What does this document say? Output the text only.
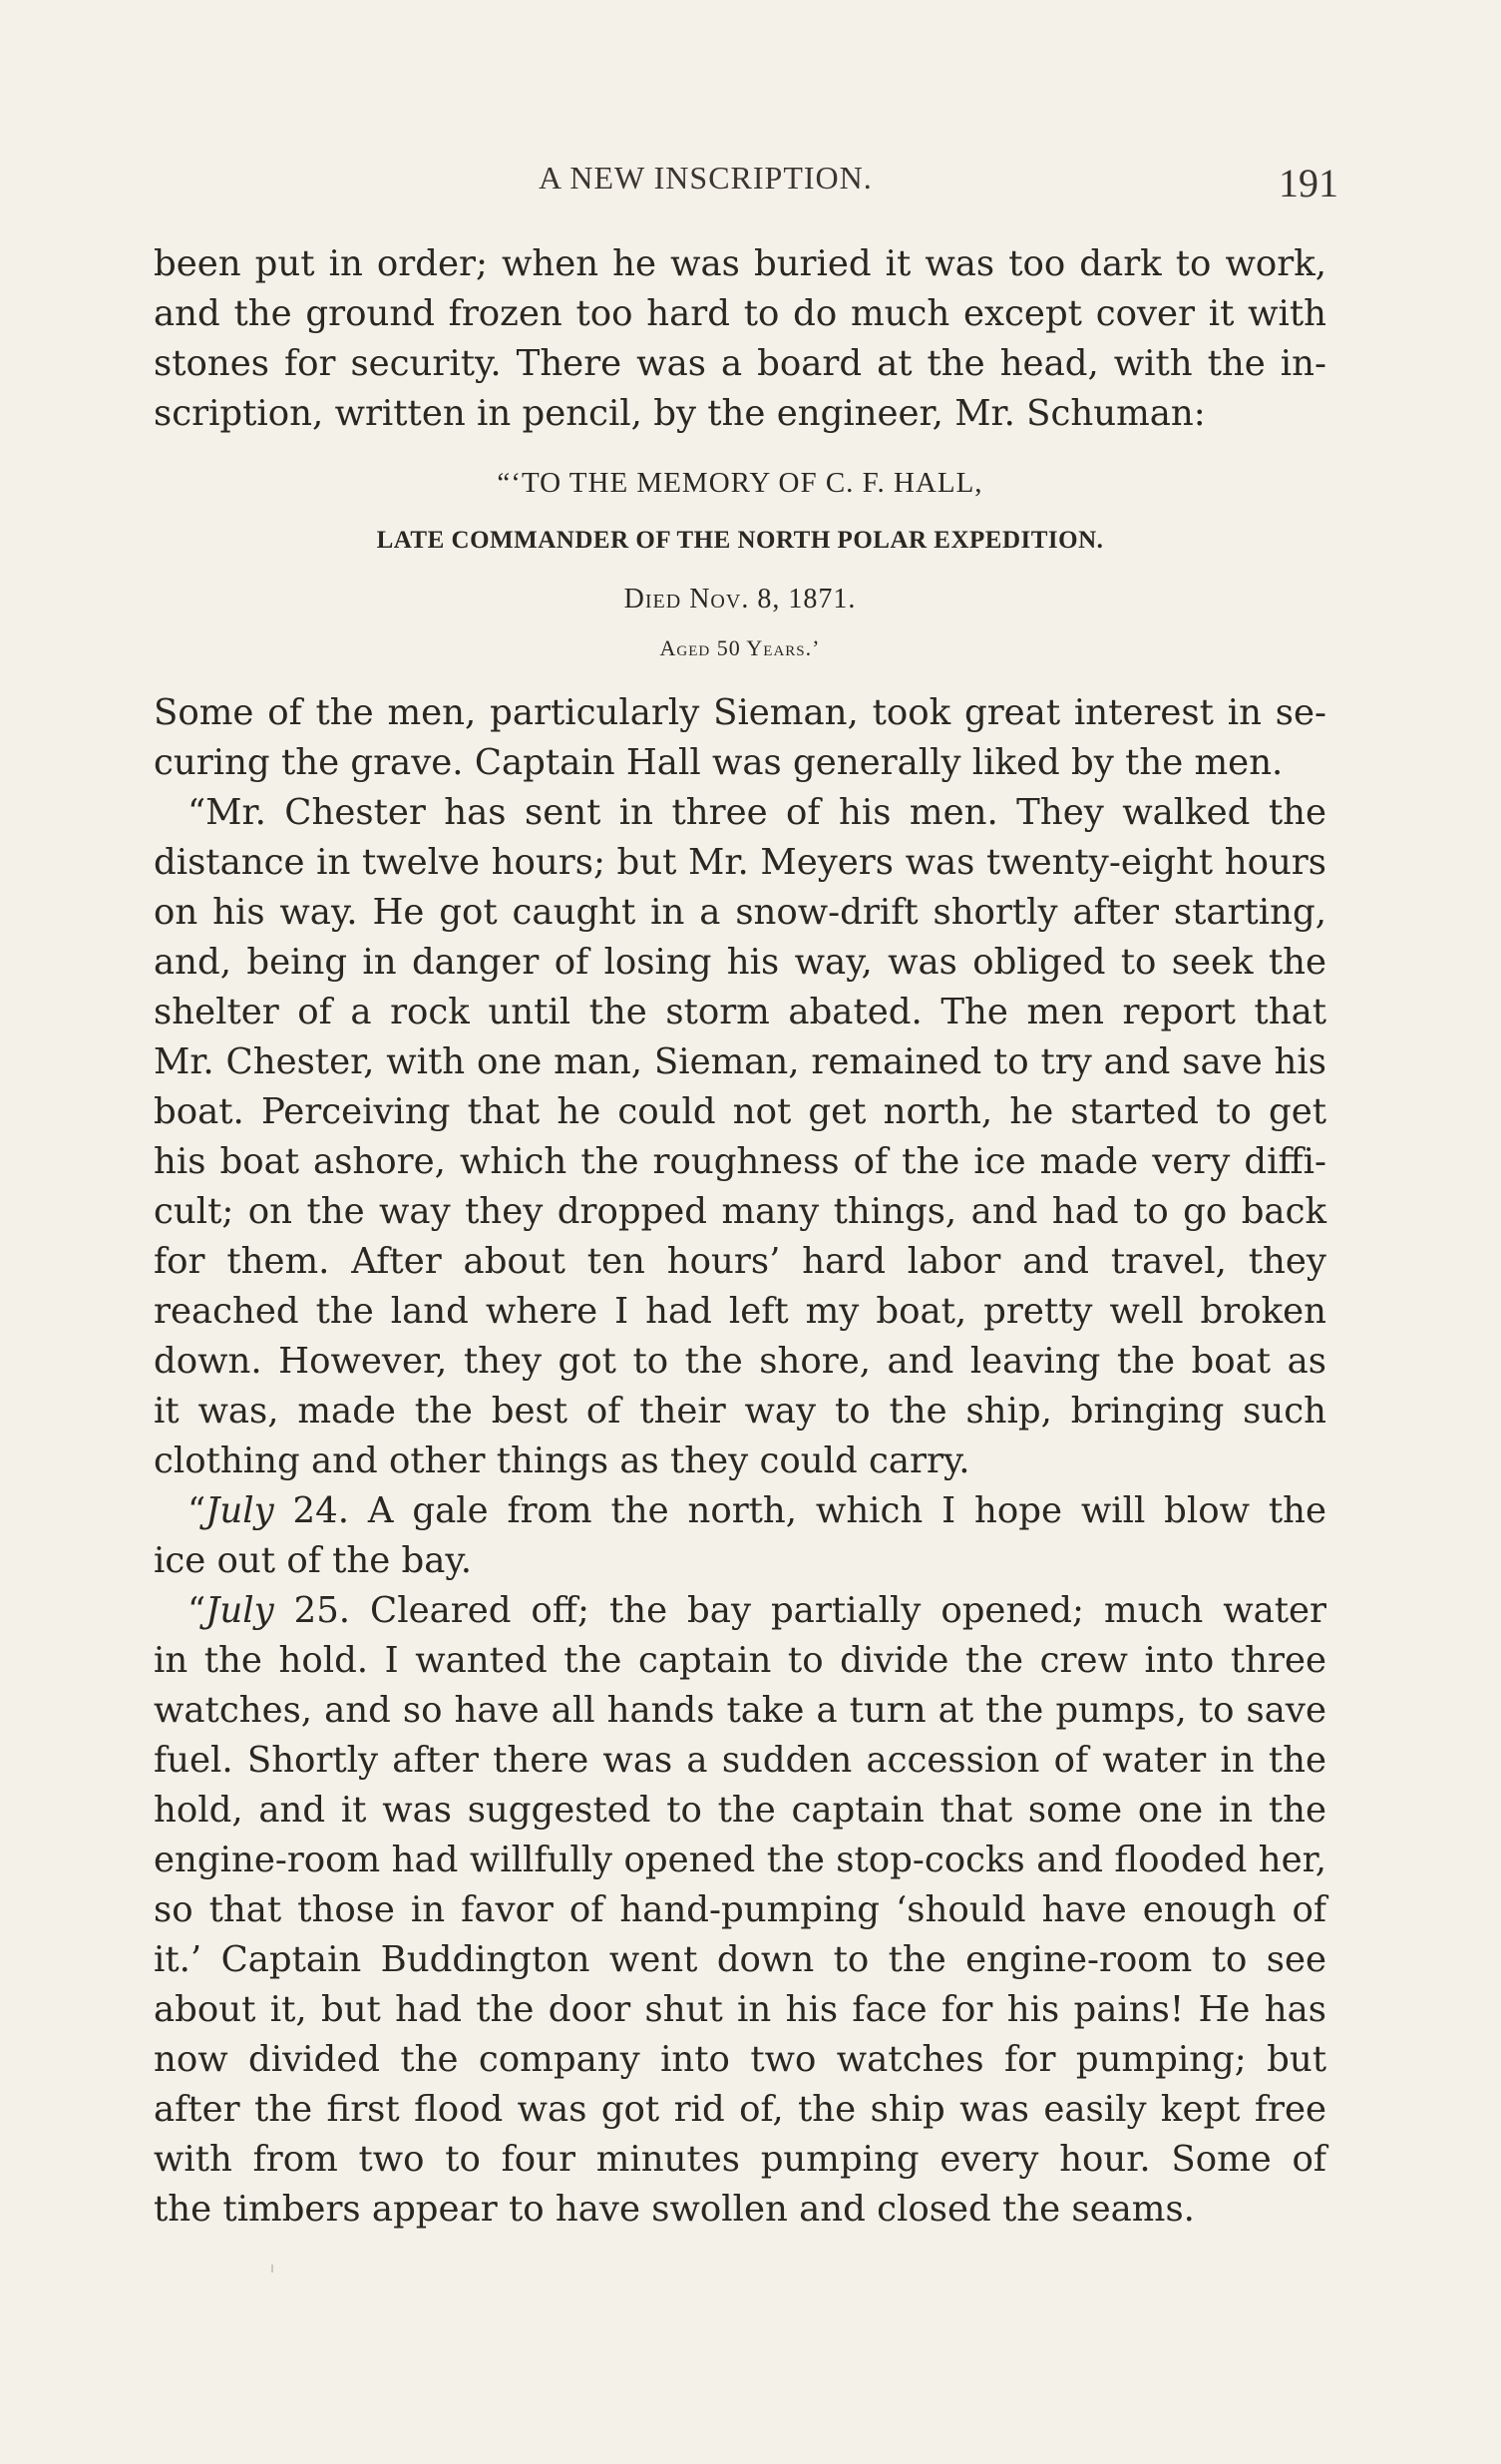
A NEW INSCRIPTION.	191
been put in order; when he was buried it was too dark to work,
and the ground frozen too hard to do much except cover it with
stones for security. There was a board at the head, with the in-
scription, written in pencil, by the engineer, Mr. Schuman:
“‘TO THE MEMORY OF C. F. HALL,
LATE COMMANDER OF THE NORTH POLAR EXPEDITION.
Died Nov. 8, 1871.
Aged 50 Years.’
Some of the men, particularly Sieman, took great interest in se-
curing the grave. Captain Hall was generally liked by the men.
“Mr. Chester has sent in three of his men. They walked the
distance in twelve hours; but Mr. Meyers was twenty-eight hours
on his way. He got caught in a snow-drift shortly after starting,
and, being in danger of losing his way, was obliged to seek the
shelter of a rock until the storm abated. The men report that
Mr. Chester, with one man, Sieman, remained to try and save his
boat. Perceiving that he could not get north, he started to get
his boat ashore, which the roughness of the ice made very diffi-
cult; on the way they dropped many things, and had to go back
for them. After about ten hours’ hard labor and travel, they
reached the land where I had left my boat, pretty well broken
down. However, they got to the shore, and leaving the boat as
it was, made the best of their way to the ship, bringing such
clothing and other things as they could carry.
“July 24. A gale from the north, which I hope will blow the
ice out of the bay.
“July 25. Cleared off; the bay partially opened; much water
in the hold. I wanted the captain to divide the crew into three
watches, and so have all hands take a turn at the pumps, to save
fuel. Shortly after there was a sudden accession of water in the
hold, and it was suggested to the captain that some one in the
engine-room had willfully opened the stop-cocks and flooded her,
so that those in favor of hand-pumping ‘should have enough of
it.’ Captain Buddington went down to the engine-room to see
about it, but had the door shut in his face for his pains! He has
now divided the company into two watches for pumping; but
after the first flood was got rid of, the ship was easily kept free
with from two to four minutes pumping every hour. Some of
the timbers appear to have swollen and closed the seams.
